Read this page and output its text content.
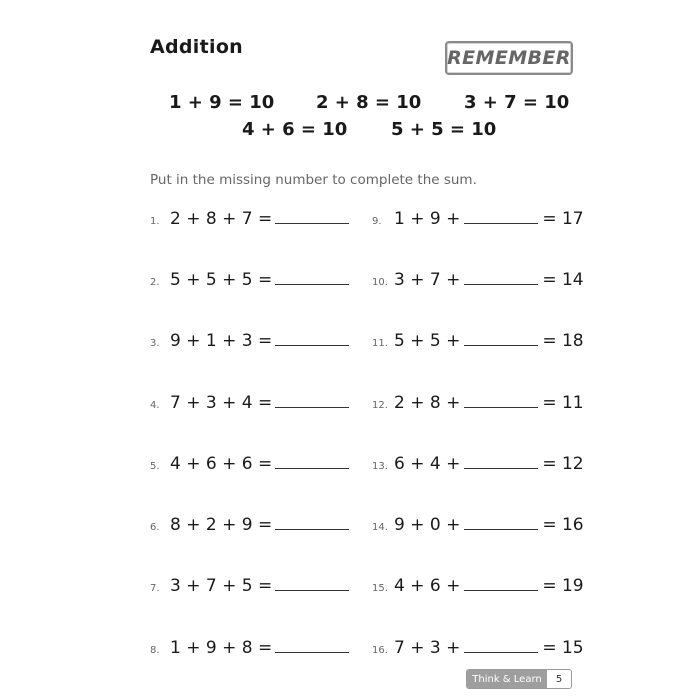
Addition	REMEMBER
1 + 9 = 10 2 + 8 = 10 3 + 7 = 10
4 + 6 = 10 5 + 5 = 10
Put in the missing number to complete the sum.
1. 2 + 8 + 7 =
2. 5 + 5 + 5 =
3. 9 + 1 + 3 =
4. 7 + 3 + 4 =
5. 4 + 6 + 6 =
6. 8 + 2 + 9 =
7. 3 + 7 + 5 =
8. 1 + 9 + 8 =
9. 1 + 9 +	= 17
10. 3 + 7 +	= 14
11. 5 + 5 +	= 18
12. 2 + 8 +	= 11
13. 6 + 4 +	= 12
14. 9 + 0 +	= 16
15. 4 + 6 +	= 19
16. 7 + 3 +	= 15
Think & Learn	5
